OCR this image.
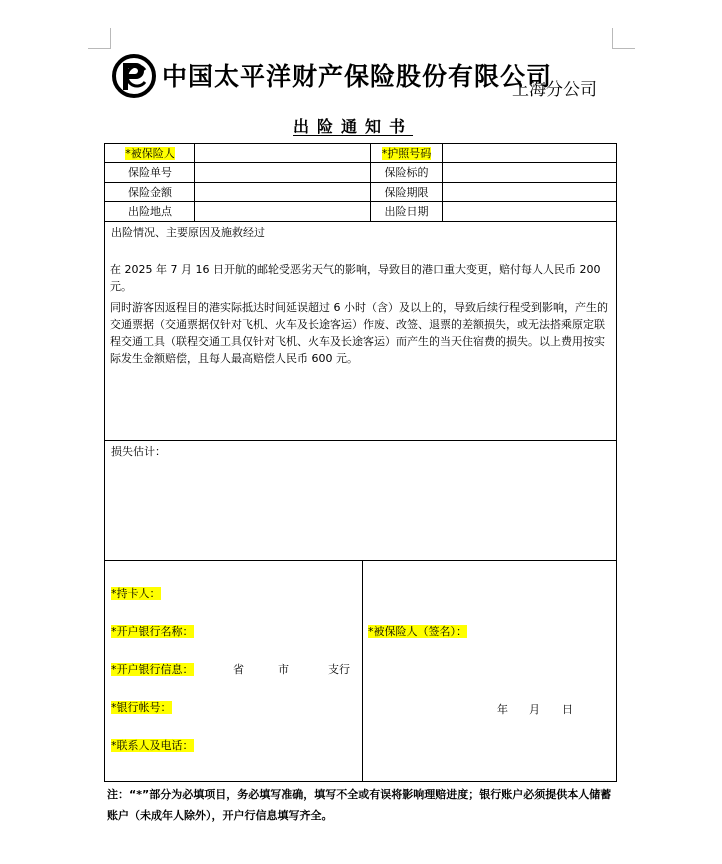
中国太平洋财产保险股份有限公司
上海分公司
出险通知书
*被保险人	*护照号码
保险单号	保险标的
保险金额	保险期限
出险地点	出险日期
出险情况、主要原因及施救经过
在 2025 年 7 月 16 日开航的邮轮受恶劣天气的影响，导致目的港口重大变更，赔付每人人民币 200 元。
同时游客因返程目的港实际抵达时间延误超过 6 小时（含）及以上的，导致后续行程受到影响，产生的交通票据（交通票据仅针对飞机、火车及长途客运）作废、改签、退票的差额损失，或无法搭乘原定联程交通工具（联程交通工具仅针对飞机、火车及长途客运）而产生的当天住宿费的损失。以上费用按实际发生金额赔偿，且每人最高赔偿人民币 600 元。
损失估计：
*持卡人：
*开户银行名称：
*开户银行信息：	省	市	支行
*银行帐号：
*联系人及电话：
*被保险人（签名）：
年 月 日
注：“*”部分为必填项目，务必填写准确，填写不全或有误将影响理赔进度；银行账户必须提供本人储蓄账户（未成年人除外），开户行信息填写齐全。
